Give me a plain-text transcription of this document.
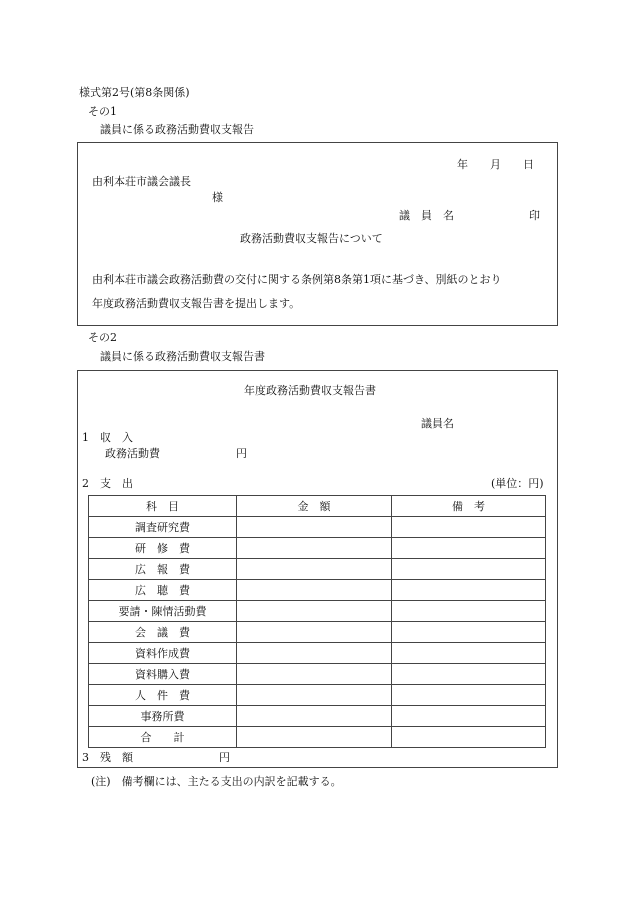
様式第2号(第8条関係)
その1
議員に係る政務活動費収支報告
年　　月　　日
由利本荘市議会議長
様
議　員　名	印
政務活動費収支報告について
由利本荘市議会政務活動費の交付に関する条例第8条第1項に基づき、別紙のとおり
年度政務活動費収支報告書を提出します。
その2
議員に係る政務活動費収支報告書
年度政務活動費収支報告書
議員名
1　収　入
政務活動費	円
2　支　出	(単位：円)
科　目	金　額	備　考
調査研究費		
研　修　費		
広　報　費		
広　聴　費		
要請・陳情活動費		
会　議　費		
資料作成費		
資料購入費		
人　件　費		
事務所費		
合　　計		
3　残　額	円
(注)　備考欄には、主たる支出の内訳を記載する。
